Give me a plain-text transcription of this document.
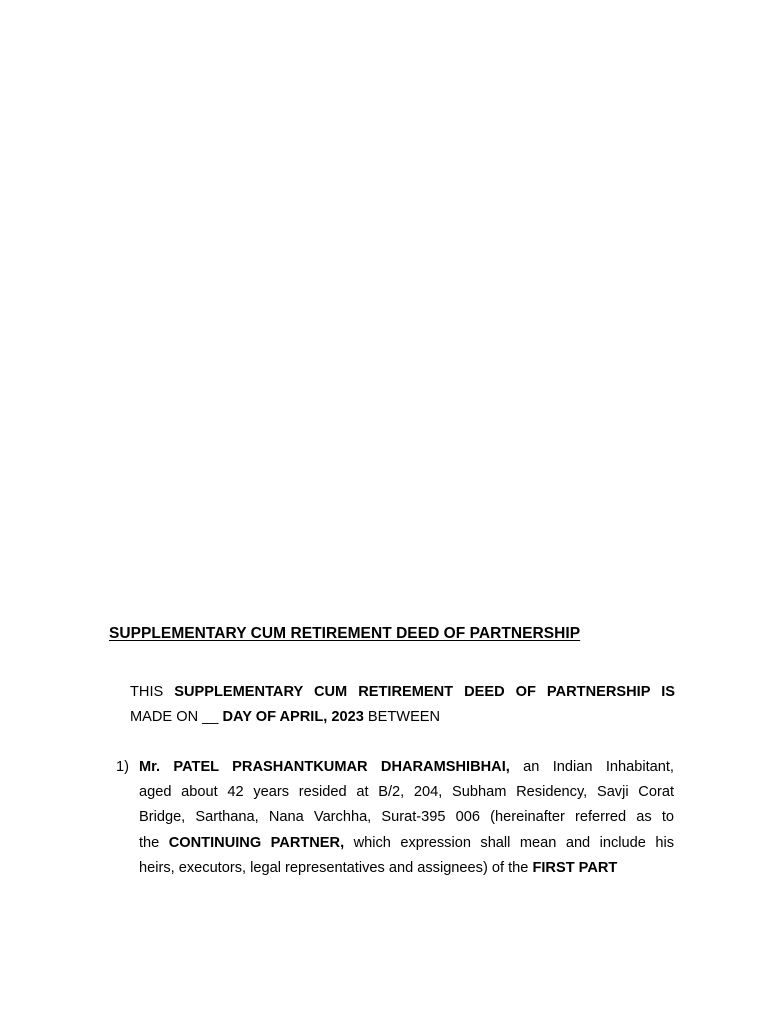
SUPPLEMENTARY CUM RETIREMENT DEED OF PARTNERSHIP

THIS SUPPLEMENTARY CUM RETIREMENT DEED OF PARTNERSHIP IS
MADE ON __ DAY OF APRIL, 2023 BETWEEN

1) Mr. PATEL PRASHANTKUMAR DHARAMSHIBHAI, an Indian Inhabitant,
aged about 42 years resided at B/2, 204, Subham Residency, Savji Corat
Bridge, Sarthana, Nana Varchha, Surat-395 006 (hereinafter referred as to
the CONTINUING PARTNER, which expression shall mean and include his
heirs, executors, legal representatives and assignees) of the FIRST PART
